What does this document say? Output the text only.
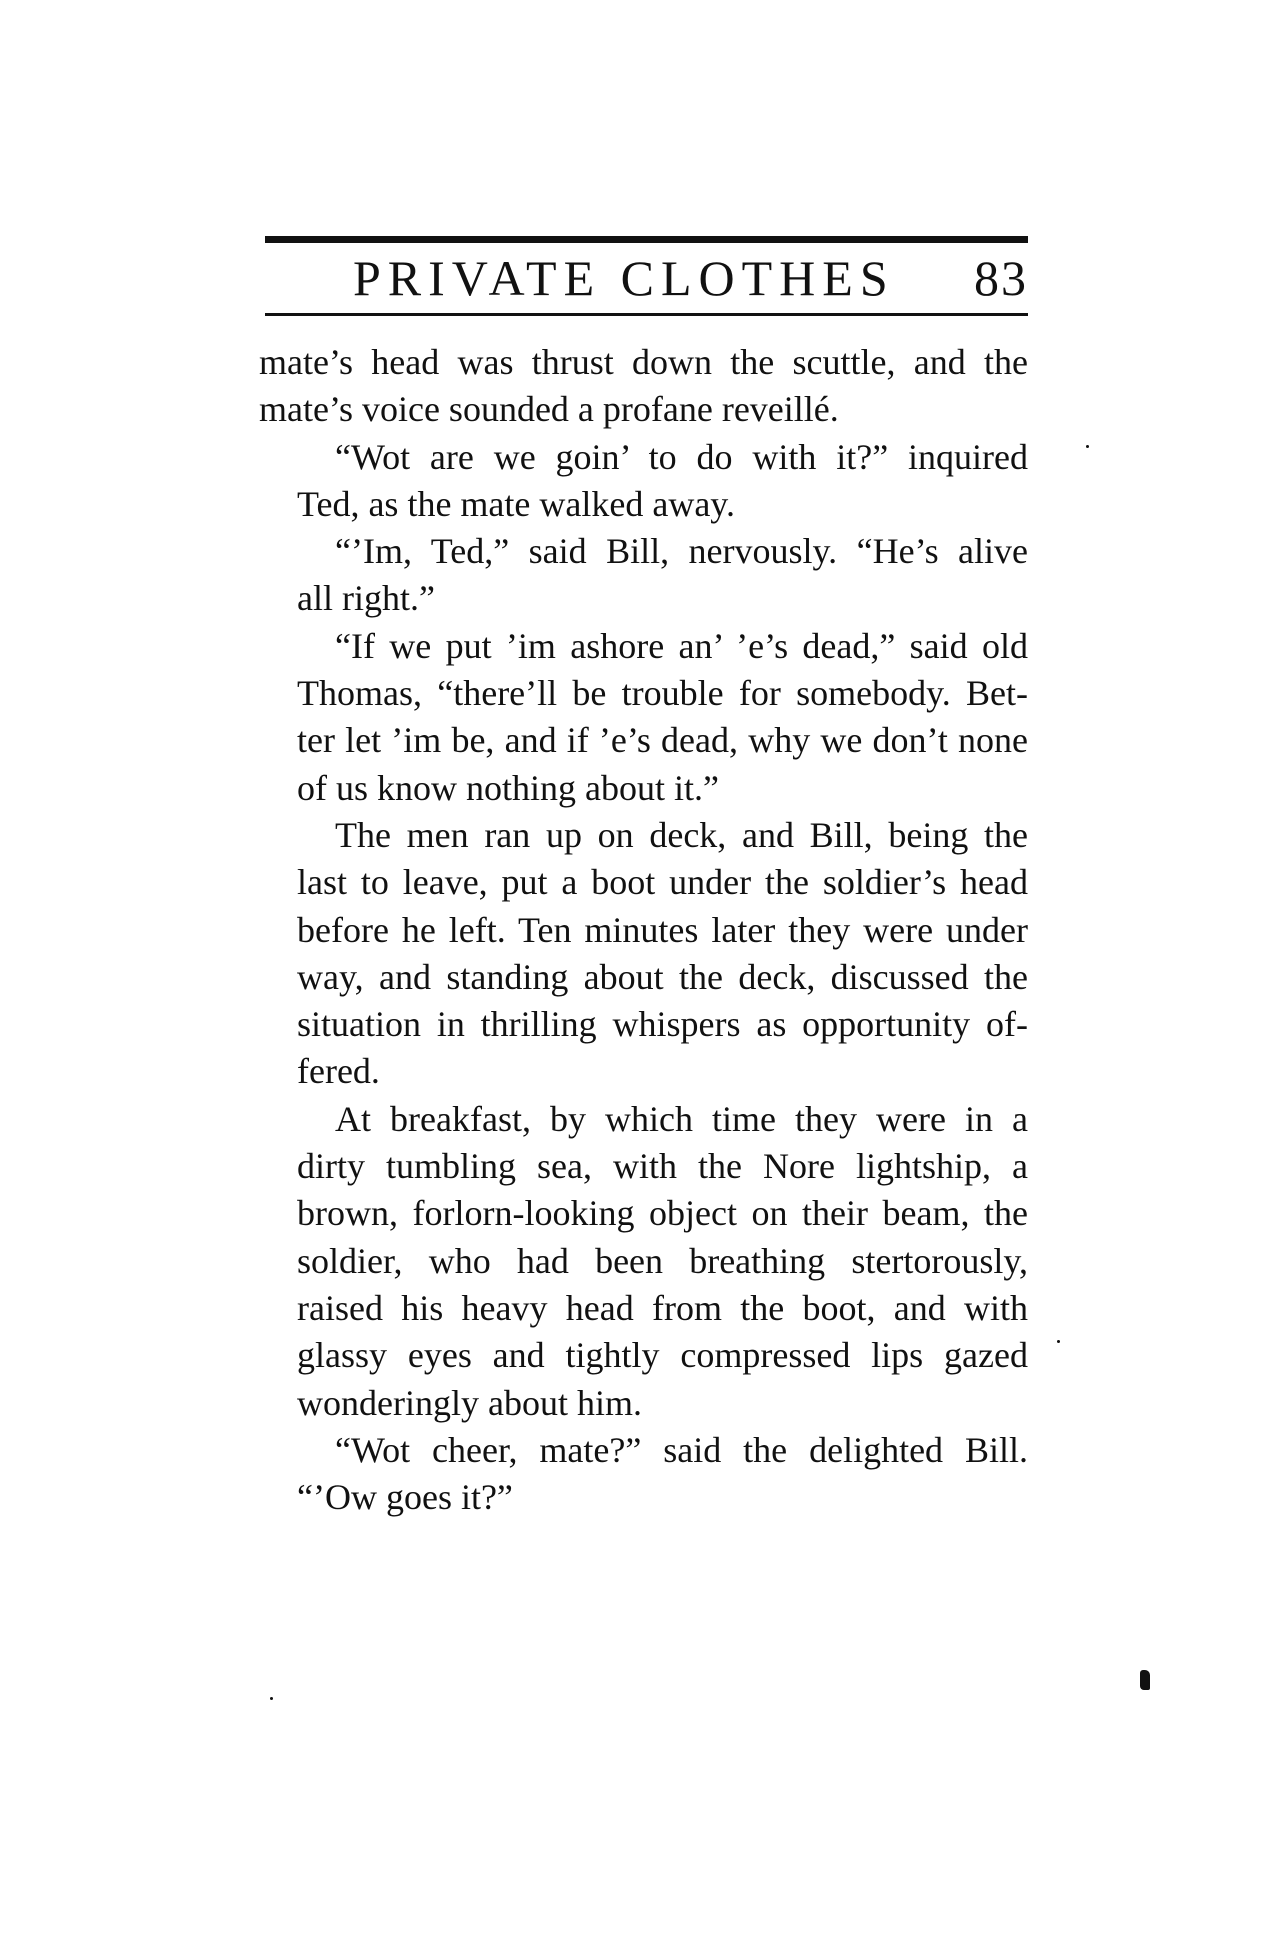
PRIVATE CLOTHES 83

mate’s head was thrust down the scuttle, and the
mate’s voice sounded a profane reveillé.

“Wot are we goin’ to do with it?” inquired
Ted, as the mate walked away.

“’Im, Ted,” said Bill, nervously. “He’s alive
all right.”

“If we put ’im ashore an’ ’e’s dead,” said old
Thomas, “there’ll be trouble for somebody. Bet-
ter let ’im be, and if ’e’s dead, why we don’t none
of us know nothing about it.”

The men ran up on deck, and Bill, being the
last to leave, put a boot under the soldier’s head
before he left. Ten minutes later they were under
way, and standing about the deck, discussed the
situation in thrilling whispers as opportunity of-
fered.

At breakfast, by which time they were in a
dirty tumbling sea, with the Nore lightship, a
brown, forlorn-looking object on their beam, the
soldier, who had been breathing stertorously,
raised his heavy head from the boot, and with
glassy eyes and tightly compressed lips gazed
wonderingly about him.

“Wot cheer, mate?” said the delighted Bill.
“’Ow goes it?”
